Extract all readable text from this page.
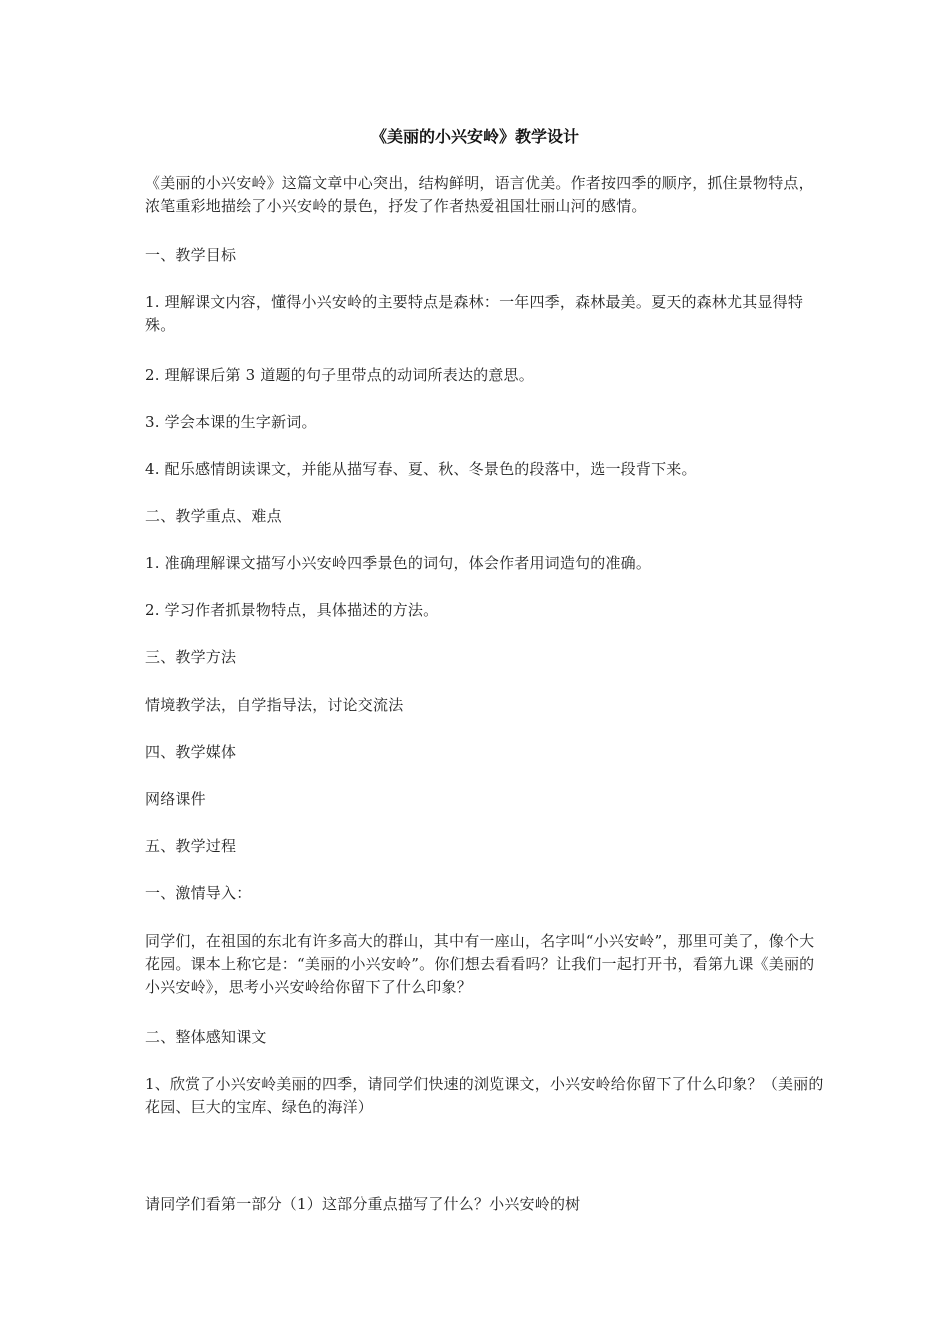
《美丽的小兴安岭》教学设计

《美丽的小兴安岭》这篇文章中心突出，结构鲜明，语言优美。作者按四季的顺序，抓住景物特点，浓笔重彩地描绘了小兴安岭的景色，抒发了作者热爱祖国壮丽山河的感情。

一、教学目标

1. 理解课文内容，懂得小兴安岭的主要特点是森林：一年四季，森林最美。夏天的森林尤其显得特殊。

2. 理解课后第 3 道题的句子里带点的动词所表达的意思。

3. 学会本课的生字新词。

4. 配乐感情朗读课文，并能从描写春、夏、秋、冬景色的段落中，选一段背下来。

二、教学重点、难点

1. 准确理解课文描写小兴安岭四季景色的词句，体会作者用词造句的准确。

2. 学习作者抓景物特点，具体描述的方法。

三、教学方法

情境教学法，自学指导法，讨论交流法

四、教学媒体

网络课件

五、教学过程

一、激情导入：

同学们，在祖国的东北有许多高大的群山，其中有一座山，名字叫“小兴安岭”，那里可美了，像个大花园。课本上称它是：“美丽的小兴安岭”。你们想去看看吗？让我们一起打开书，看第九课《美丽的小兴安岭》，思考小兴安岭给你留下了什么印象？

二、整体感知课文

1、欣赏了小兴安岭美丽的四季，请同学们快速的浏览课文，小兴安岭给你留下了什么印象？（美丽的花园、巨大的宝库、绿色的海洋）

请同学们看第一部分（1）这部分重点描写了什么？小兴安岭的树
